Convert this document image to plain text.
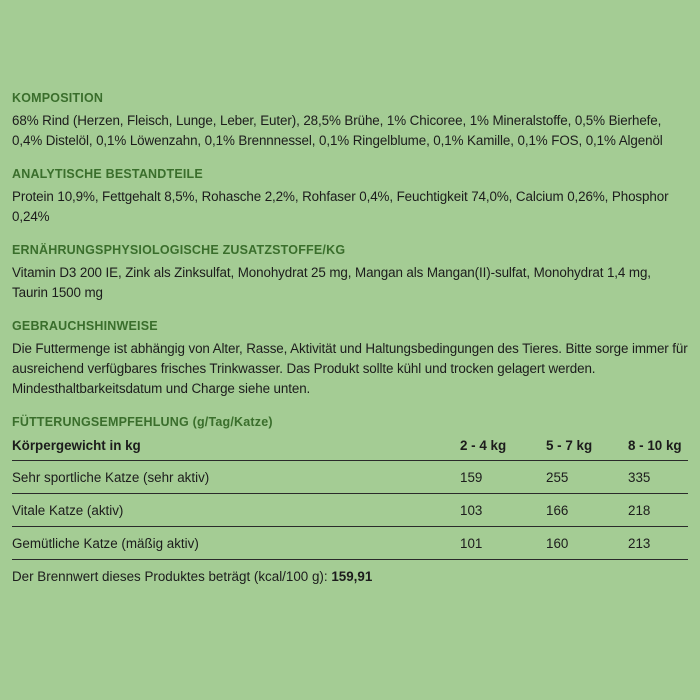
KOMPOSITION
68% Rind (Herzen, Fleisch, Lunge, Leber, Euter), 28,5% Brühe, 1% Chicoree, 1% Mineralstoffe, 0,5% Bierhefe, 0,4% Distelöl, 0,1% Löwenzahn, 0,1% Brennnessel, 0,1% Ringelblume, 0,1% Kamille, 0,1% FOS, 0,1% Algenöl
ANALYTISCHE BESTANDTEILE
Protein 10,9%, Fettgehalt 8,5%, Rohasche 2,2%, Rohfaser 0,4%, Feuchtigkeit 74,0%, Calcium 0,26%, Phosphor 0,24%
ERNÄHRUNGSPHYSIOLOGISCHE ZUSATZSTOFFE/KG
Vitamin D3 200 IE, Zink als Zinksulfat, Monohydrat 25 mg, Mangan als Mangan(II)-sulfat, Monohydrat 1,4 mg, Taurin 1500 mg
GEBRAUCHSHINWEISE
Die Futtermenge ist abhängig von Alter, Rasse, Aktivität und Haltungsbedingungen des Tieres. Bitte sorge immer für ausreichend verfügbares frisches Trinkwasser. Das Produkt sollte kühl und trocken gelagert werden. Mindesthaltbarkeitsdatum und Charge siehe unten.
FÜTTERUNGSEMPFEHLUNG (g/Tag/Katze)
Körpergewicht in kg	2 - 4 kg	5 - 7 kg	8 - 10 kg
Sehr sportliche Katze (sehr aktiv)	159	255	335
Vitale Katze (aktiv)	103	166	218
Gemütliche Katze (mäßig aktiv)	101	160	213
Der Brennwert dieses Produktes beträgt (kcal/100 g): 159,91
